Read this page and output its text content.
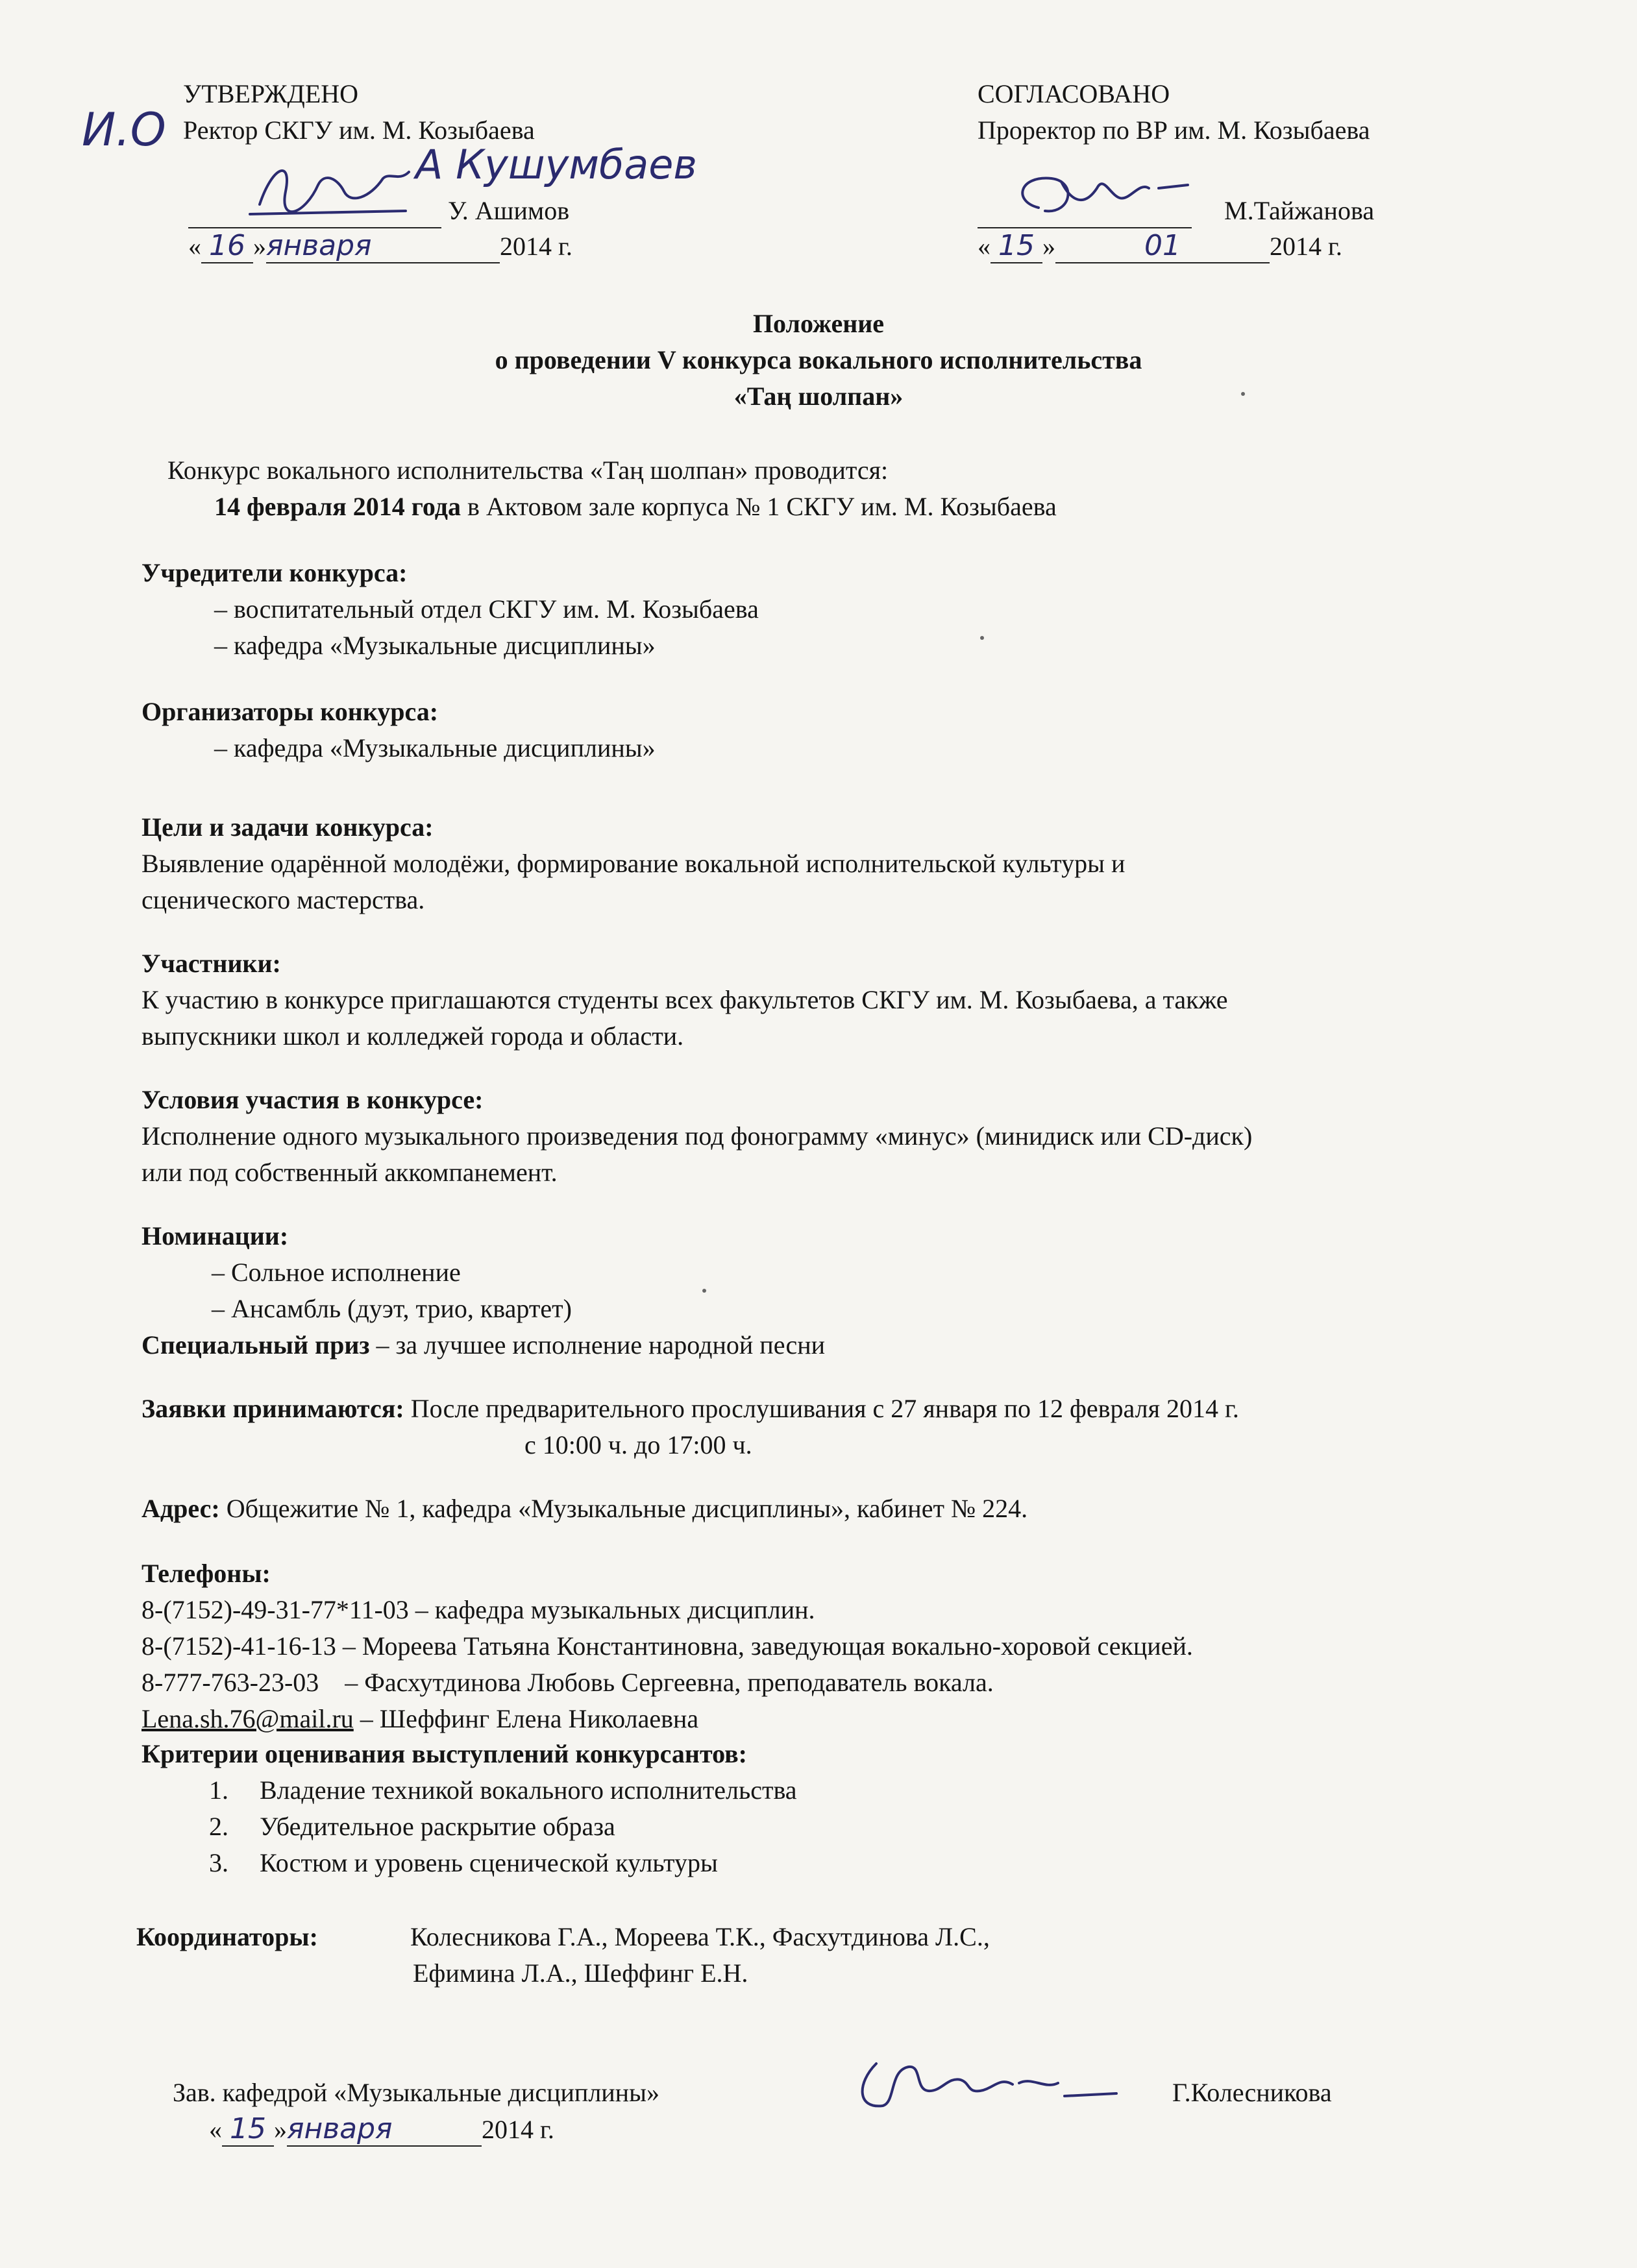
УТВЕРЖДЕНО
И.О Ректор СКГУ им. М. Козыбаева
А Кушумбаев
У. Ашимов
« 16 »января	2014 г.
СОГЛАСОВАНО
Проректор по ВР им. М. Козыбаева
М.Тайжанова
« 15 »	01	2014 г.
Положение
о проведении V конкурса вокального исполнительства
«Таң шолпан»
Конкурс вокального исполнительства «Таң шолпан» проводится:
14 февраля 2014 года в Актовом зале корпуса № 1 СКГУ им. М. Козыбаева
Учредители конкурса:
– воспитательный отдел СКГУ им. М. Козыбаева
– кафедра «Музыкальные дисциплины»
Организаторы конкурса:
– кафедра «Музыкальные дисциплины»
Цели и задачи конкурса:
Выявление одарённой молодёжи, формирование вокальной исполнительской культуры и
сценического мастерства.
Участники:
К участию в конкурсе приглашаются студенты всех факультетов СКГУ им. М. Козыбаева, а также
выпускники школ и колледжей города и области.
Условия участия в конкурсе:
Исполнение одного музыкального произведения под фонограмму «минус» (минидиск или CD-диск)
или под собственный аккомпанемент.
Номинации:
– Сольное исполнение
– Ансамбль (дуэт, трио, квартет)
Специальный приз – за лучшее исполнение народной песни
Заявки принимаются: После предварительного прослушивания с 27 января по 12 февраля 2014 г.
с 10:00 ч. до 17:00 ч.
Адрес: Общежитие № 1, кафедра «Музыкальные дисциплины», кабинет № 224.
Телефоны:
8-(7152)-49-31-77*11-03 – кафедра музыкальных дисциплин.
8-(7152)-41-16-13 – Мореева Татьяна Константиновна, заведующая вокально-хоровой секцией.
8-777-763-23-03    – Фасхутдинова Любовь Сергеевна, преподаватель вокала.
Lena.sh.76@mail.ru – Шеффинг Елена Николаевна
Критерии оценивания выступлений конкурсантов:
1. Владение техникой вокального исполнительства
2. Убедительное раскрытие образа
3. Костюм и уровень сценической культуры
Координаторы:	Колесникова Г.А., Мореева Т.К., Фасхутдинова Л.С.,
Ефимина Л.А., Шеффинг Е.Н.
Зав. кафедрой «Музыкальные дисциплины»	Г.Колесникова
« 15 »января	2014 г.
